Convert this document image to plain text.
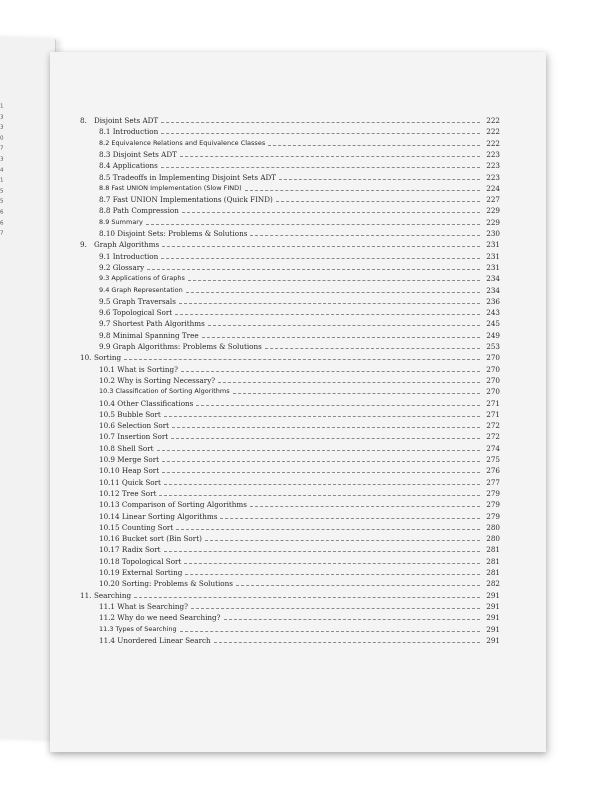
1
3
3
0
7
3
4
1
5
5
6
6
7
8. Disjoint Sets ADT	222
8.1 Introduction	222
8.2 Equivalence Relations and Equivalence Classes	222
8.3 Disjoint Sets ADT	223
8.4 Applications	223
8.5 Tradeoffs in Implementing Disjoint Sets ADT	223
8.8 Fast UNION Implementation (Slow FIND)	224
8.7 Fast UNION Implementations (Quick FIND)	227
8.8 Path Compression	229
8.9 Summary	229
8.10 Disjoint Sets: Problems & Solutions	230
9. Graph Algorithms	231
9.1 Introduction	231
9.2 Glossary	231
9.3 Applications of Graphs	234
9.4 Graph Representation	234
9.5 Graph Traversals	236
9.6 Topological Sort	243
9.7 Shortest Path Algorithms	245
9.8 Minimal Spanning Tree	249
9.9 Graph Algorithms: Problems & Solutions	253
10. Sorting	270
10.1 What is Sorting?	270
10.2 Why is Sorting Necessary?	270
10.3 Classification of Sorting Algorithms	270
10.4 Other Classifications	271
10.5 Bubble Sort	271
10.6 Selection Sort	272
10.7 Insertion Sort	272
10.8 Shell Sort	274
10.9 Merge Sort	275
10.10 Heap Sort	276
10.11 Quick Sort	277
10.12 Tree Sort	279
10.13 Comparison of Sorting Algorithms	279
10.14 Linear Sorting Algorithms	279
10.15 Counting Sort	280
10.16 Bucket sort (Bin Sort)	280
10.17 Radix Sort	281
10.18 Topological Sort	281
10.19 External Sorting	281
10.20 Sorting: Problems & Solutions	282
11. Searching	291
11.1 What is Searching?	291
11.2 Why do we need Searching?	291
11.3 Types of Searching	291
11.4 Unordered Linear Search	291
